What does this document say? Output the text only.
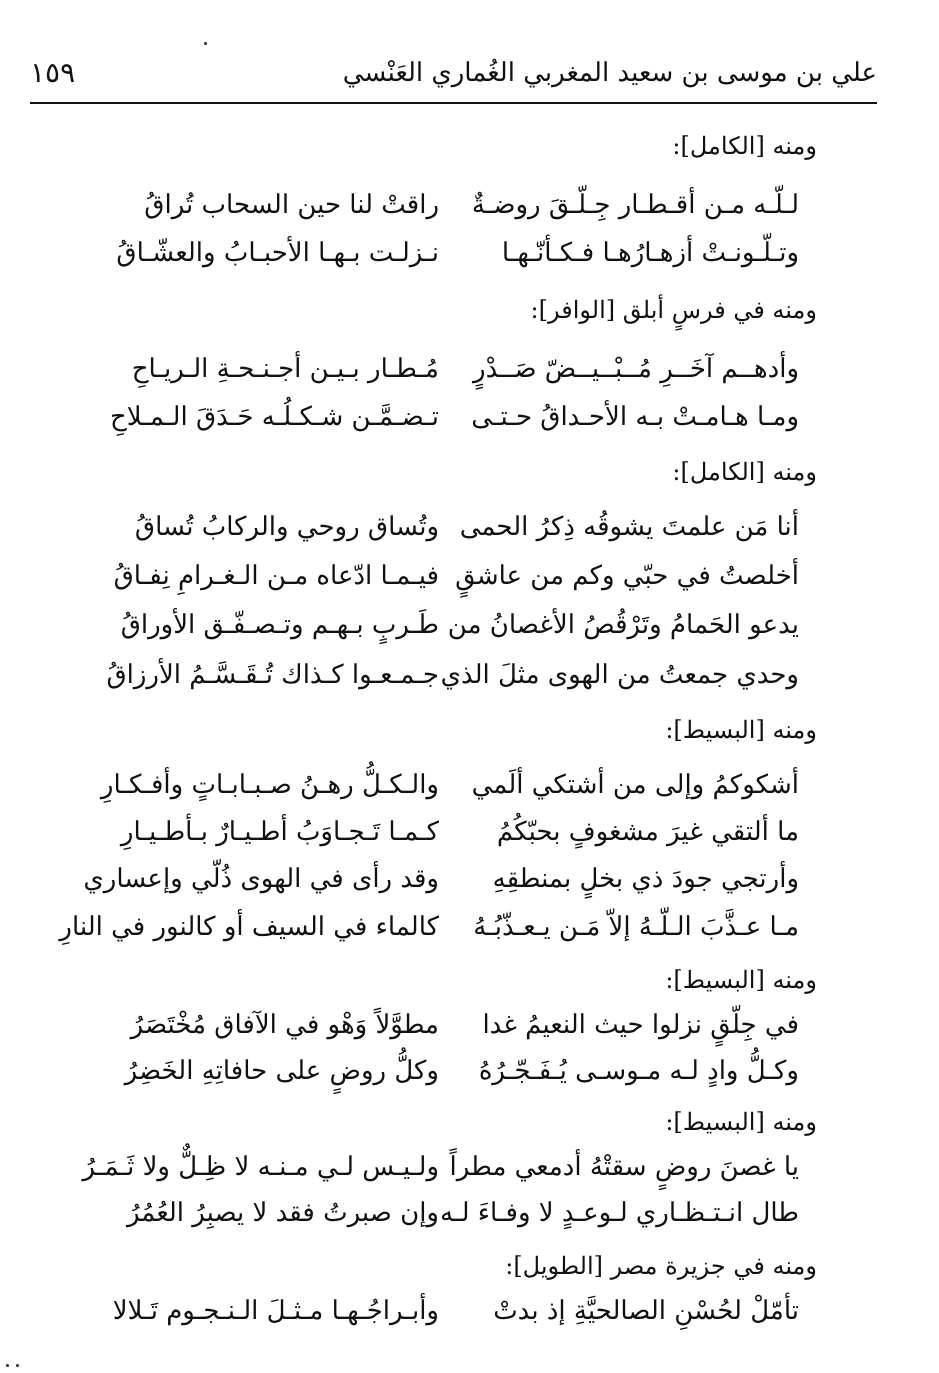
علي بن موسى بن سعيد المغربي الغُماري العَنْسي
١٥٩
ومنه [الكامل]:
لـلّـه مـن أقـطـار جِـلّـقَ روضـةٌ
راقتْ لنا حين السحاب تُراقُ
وتـلّـونـتْ أزهـارُهـا فـكـأنّـهـا
نـزلـت بـهـا الأحبـابُ والعشّـاقُ
ومنه في فرسٍ أبلق [الوافر]:
وأدهــم آخَــرِ مُــبْــيــضّ صَــدْرٍ
مُـطـار بـيـن أجـنـحـةِ الـريـاحِ
ومـا هـامـتْ بـه الأحـداقُ حـتـى
تـضـمَّـن شـكـلُـه حَـدَقَ الـمـلاحِ
ومنه [الكامل]:
أنا مَن علمتَ يشوقُه ذِكرُ الحمى
وتُساق روحي والركابُ تُساقُ
أخلصتُ في حبّي وكم من عاشقٍ
فيـمـا ادّعاه مـن الـغـرامِ نِفـاقُ
يدعو الحَمامُ وتَرْقُصُ الأغصانُ من
طَـربٍ بـهـم وتـصـفّـق الأوراقُ
وحدي جمعتُ من الهوى مثلَ الذي
جـمـعـوا كـذاك تُـقَـسَّـمُ الأرزاقُ
ومنه [البسيط]:
أشكوكمُ وإلى من أشتكي ألَمي
والـكـلُّ رهـنُ صـبـابـاتٍ وأفـكـارِ
ما ألتقي غيرَ مشغوفٍ بحبّكُمُ
كـمـا تَـجـاوَبُ أطـيـارٌ بـأطـيـارِ
وأرتجي جودَ ذي بخلٍ بمنطقِهِ
وقد رأى في الهوى ذُلّي وإعساري
مـا عـذَّبَ الـلّـهُ إلاّ مَـن يـعـذّبُـهُ
كالماء في السيف أو كالنور في النارِ
ومنه [البسيط]:
في جِلّقٍ نزلوا حيث النعيمُ غدا
مطوَّلاً وَهْو في الآفاق مُخْتَصَرُ
وكـلُّ وادٍ لـه مـوسـى يُـفَـجّـرُهُ
وكلُّ روضٍ على حافاتِهِ الخَضِرُ
ومنه [البسيط]:
يا غصنَ روضٍ سقتْهُ أدمعي مطراً
ولـيـس لـي مـنـه لا ظِـلٌّ ولا ثَـمَـرُ
طال انـتـظـاري لـوعـدٍ لا وفـاءَ لـه
وإن صبرتُ فقد لا يصبِرُ العُمُرُ
ومنه في جزيرة مصر [الطويل]:
تأمّلْ لحُسْنِ الصالحيَّةِ إذ بدتْ
وأبـراجُـهـا مـثـلَ الـنـجـوم تَـلالا
